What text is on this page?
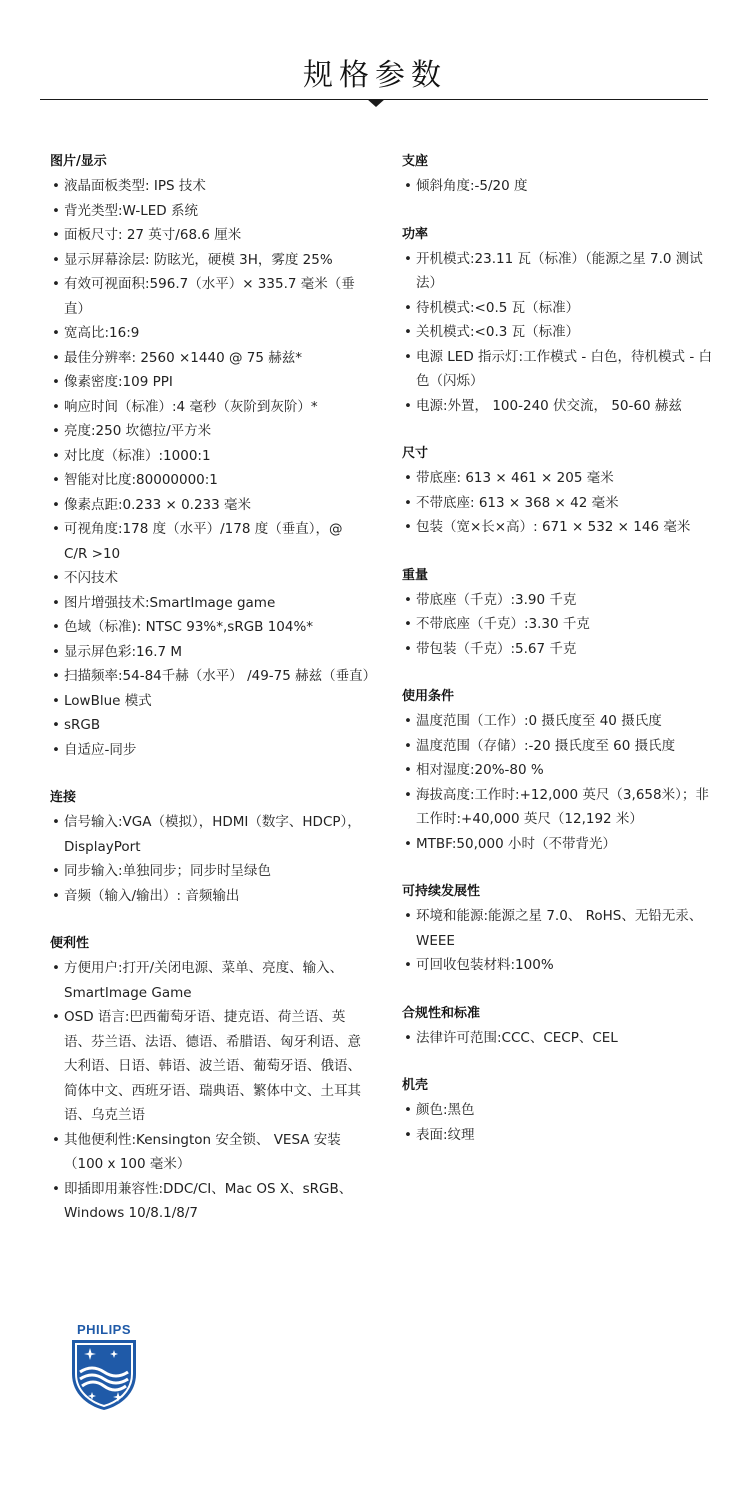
规格参数
图片/显示
• 液晶面板类型: IPS 技术
• 背光类型:W-LED 系统
• 面板尺寸: 27 英寸/68.6 厘米
• 显示屏幕涂层: 防眩光，硬模 3H，雾度 25%
• 有效可视面积:596.7（水平）× 335.7 毫米（垂直）
• 宽高比:16:9
• 最佳分辨率: 2560 ×1440 @ 75 赫兹*
• 像素密度:109 PPI
• 响应时间（标准）:4 毫秒（灰阶到灰阶）*
• 亮度:250 坎德拉/平方米
• 对比度（标准）:1000:1
• 智能对比度:80000000:1
• 像素点距:0.233 × 0.233 毫米
• 可视角度:178 度（水平）/178 度（垂直），@ C/R >10
• 不闪技术
• 图片增强技术:SmartImage game
• 色域（标准): NTSC 93%*,sRGB 104%*
• 显示屏色彩:16.7 M
• 扫描频率:54-84千赫（水平） /49-75 赫兹（垂直）
• LowBlue 模式
• sRGB
• 自适应-同步
连接
• 信号输入:VGA（模拟），HDMI（数字、HDCP），DisplayPort
• 同步输入:单独同步；同步时呈绿色
• 音频（输入/输出）: 音频输出
便利性
• 方便用户:打开/关闭电源、菜单、亮度、输入、SmartImage Game
• OSD 语言:巴西葡萄牙语、捷克语、荷兰语、英语、芬兰语、法语、德语、希腊语、匈牙利语、意大利语、日语、韩语、波兰语、葡萄牙语、俄语、简体中文、西班牙语、瑞典语、繁体中文、土耳其语、乌克兰语
• 其他便利性:Kensington 安全锁、 VESA 安装（100 x 100 毫米）
• 即插即用兼容性:DDC/CI、Mac OS X、sRGB、Windows 10/8.1/8/7
支座
• 倾斜角度:-5/20 度
功率
• 开机模式:23.11 瓦（标准）（能源之星 7.0 测试法）
• 待机模式:<0.5 瓦（标准）
• 关机模式:<0.3 瓦（标准）
• 电源 LED 指示灯:工作模式 - 白色，待机模式 - 白色（闪烁）
• 电源:外置， 100-240 伏交流， 50-60 赫兹
尺寸
• 带底座: 613 × 461 × 205 毫米
• 不带底座: 613 × 368 × 42 毫米
• 包装（宽×长×高）: 671 × 532 × 146 毫米
重量
• 带底座（千克）:3.90 千克
• 不带底座（千克）:3.30 千克
• 带包装（千克）:5.67 千克
使用条件
• 温度范围（工作）:0 摄氏度至 40 摄氏度
• 温度范围（存储）:-20 摄氏度至 60 摄氏度
• 相对湿度:20%-80 %
• 海拔高度:工作时:+12,000 英尺（3,658米）；非工作时:+40,000 英尺（12,192 米）
• MTBF:50,000 小时（不带背光）
可持续发展性
• 环境和能源:能源之星 7.0、 RoHS、无铅无汞、WEEE
• 可回收包装材料:100%
合规性和标准
• 法律许可范围:CCC、CECP、CEL
机壳
• 颜色:黑色
• 表面:纹理
PHILIPS
